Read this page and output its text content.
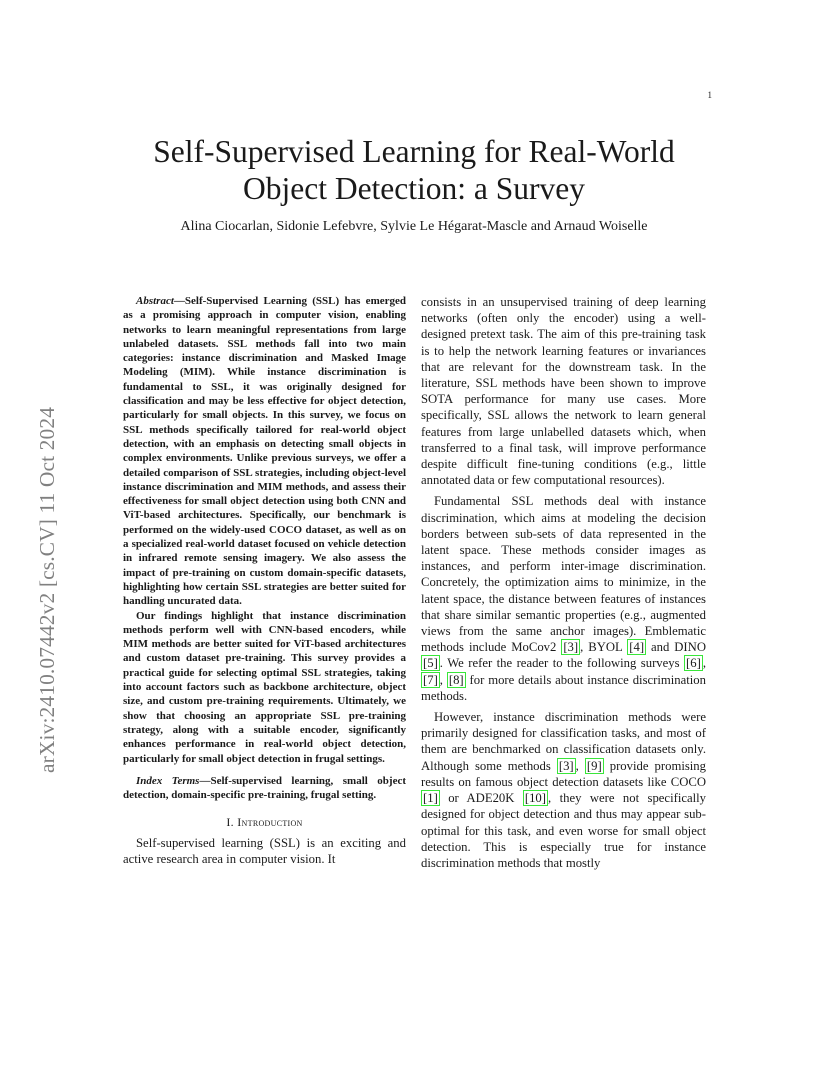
1
arXiv:2410.07442v2 [cs.CV] 11 Oct 2024
Self-Supervised Learning for Real-World
Object Detection: a Survey
Alina Ciocarlan, Sidonie Lefebvre, Sylvie Le Hégarat-Mascle and Arnaud Woiselle

Abstract—Self-Supervised Learning (SSL) has emerged as a promising approach in computer vision, enabling networks to learn meaningful representations from large unlabeled datasets. SSL methods fall into two main categories: instance discrimination and Masked Image Modeling (MIM). While instance discrimination is fundamental to SSL, it was originally designed for classification and may be less effective for object detection, particularly for small objects. In this survey, we focus on SSL methods specifically tailored for real-world object detection, with an emphasis on detecting small objects in complex environments. Unlike previous surveys, we offer a detailed comparison of SSL strategies, including object-level instance discrimination and MIM methods, and assess their effectiveness for small object detection using both CNN and ViT-based architectures. Specifically, our benchmark is performed on the widely-used COCO dataset, as well as on a specialized real-world dataset focused on vehicle detection in infrared remote sensing imagery. We also assess the impact of pre-training on custom domain-specific datasets, highlighting how certain SSL strategies are better suited for handling uncurated data.

Our findings highlight that instance discrimination methods perform well with CNN-based encoders, while MIM methods are better suited for ViT-based architectures and custom dataset pre-training. This survey provides a practical guide for selecting optimal SSL strategies, taking into account factors such as backbone architecture, object size, and custom pre-training requirements. Ultimately, we show that choosing an appropriate SSL pre-training strategy, along with a suitable encoder, significantly enhances performance in real-world object detection, particularly for small object detection in frugal settings.

Index Terms—Self-supervised learning, small object detection, domain-specific pre-training, frugal setting.
I. Introduction

Self-supervised learning (SSL) is an exciting and active research area in computer vision. It

consists in an unsupervised training of deep learning networks (often only the encoder) using a well-designed pretext task. The aim of this pre-training task is to help the network learning features or invariances that are relevant for the downstream task. In the literature, SSL methods have been shown to improve SOTA performance for many use cases. More specifically, SSL allows the network to learn general features from large unlabelled datasets which, when transferred to a final task, will improve performance despite difficult fine-tuning conditions (e.g., little annotated data or few computational resources).

Fundamental SSL methods deal with instance discrimination, which aims at modeling the decision borders between sub-sets of data represented in the latent space. These methods consider images as instances, and perform inter-image discrimination. Concretely, the optimization aims to minimize, in the latent space, the distance between features of instances that share similar semantic properties (e.g., augmented views from the same anchor images). Emblematic methods include MoCov2 [3] , BYOL [4] and DINO [5] . We refer the reader to the following surveys [6] , [7] , [8] for more details about instance discrimination methods.

However, instance discrimination methods were primarily designed for classification tasks, and most of them are benchmarked on classification datasets only. Although some methods [3] , [9] provide promising results on famous object detection datasets like COCO [1] or ADE20K [10] , they were not specifically designed for object detection and thus may appear sub-optimal for this task, and even worse for small object detection. This is especially true for instance discrimination methods that mostly
